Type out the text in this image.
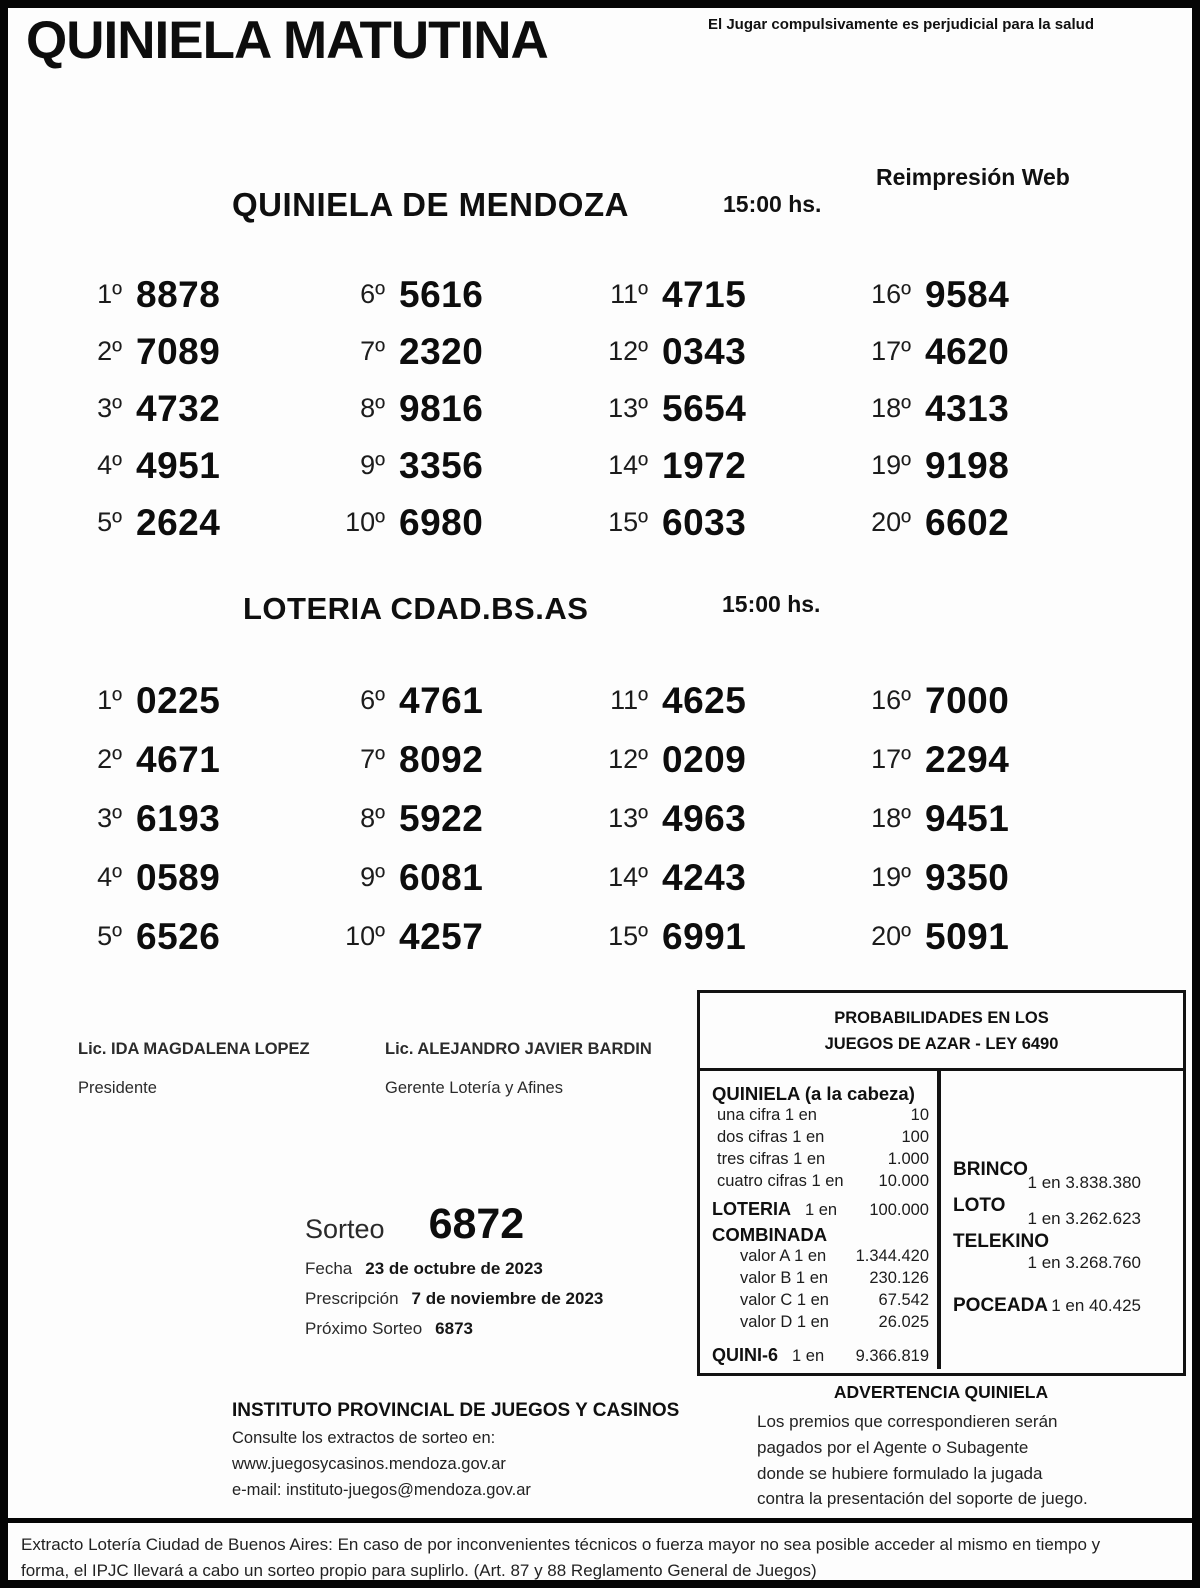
QUINIELA MATUTINA	El Jugar compulsivamente es perjudicial para la salud
QUINIELA DE MENDOZA	15:00 hs.
Reimpresión Web
1º 8878
2º 7089
3º 4732
4º 4951
5º 2624
6º 5616
7º 2320
8º 9816
9º 3356
10º 6980
11º 4715
12º 0343
13º 5654
14º 1972
15º 6033
16º 9584
17º 4620
18º 4313
19º 9198
20º 6602
LOTERIA CDAD.BS.AS	15:00 hs.
1º 0225
2º 4671
3º 6193
4º 0589
5º 6526
6º 4761
7º 8092
8º 5922
9º 6081
10º 4257
11º 4625
12º 0209
13º 4963
14º 4243
15º 6991
16º 7000
17º 2294
18º 9451
19º 9350
20º 5091
Lic. IDA MAGDALENA LOPEZ
Presidente
Lic. ALEJANDRO JAVIER BARDIN
Gerente Lotería y Afines
Sorteo 6872
Fecha 23 de octubre de 2023
Prescripción 7 de noviembre de 2023
Próximo Sorteo 6873
PROBABILIDADES EN LOS
JUEGOS DE AZAR - LEY 6490
QUINIELA (a la cabeza)
una cifra 1 en	10
dos cifras 1 en	100
tres cifras 1 en	1.000
cuatro cifras 1 en 10.000
LOTERIA 1 en 100.000
COMBINADA
valor A 1 en 1.344.420
valor B 1 en	230.126
valor C 1 en	67.542
valor D 1 en	26.025
QUINI-6 1 en 9.366.819
BRINCO
1 en 3.838.380
LOTO
1 en 3.262.623
TELEKINO
1 en 3.268.760
POCEADA 1 en 40.425
ADVERTENCIA QUINIELA
Los premios que correspondieren serán
pagados por el Agente o Subagente
donde se hubiere formulado la jugada
contra la presentación del soporte de juego.
INSTITUTO PROVINCIAL DE JUEGOS Y CASINOS
Consulte los extractos de sorteo en:
www.juegosycasinos.mendoza.gov.ar
e-mail: instituto-juegos@mendoza.gov.ar
Extracto Lotería Ciudad de Buenos Aires: En caso de por inconvenientes técnicos o fuerza mayor no sea posible acceder al mismo en tiempo y
forma, el IPJC llevará a cabo un sorteo propio para suplirlo. (Art. 87 y 88 Reglamento General de Juegos)
